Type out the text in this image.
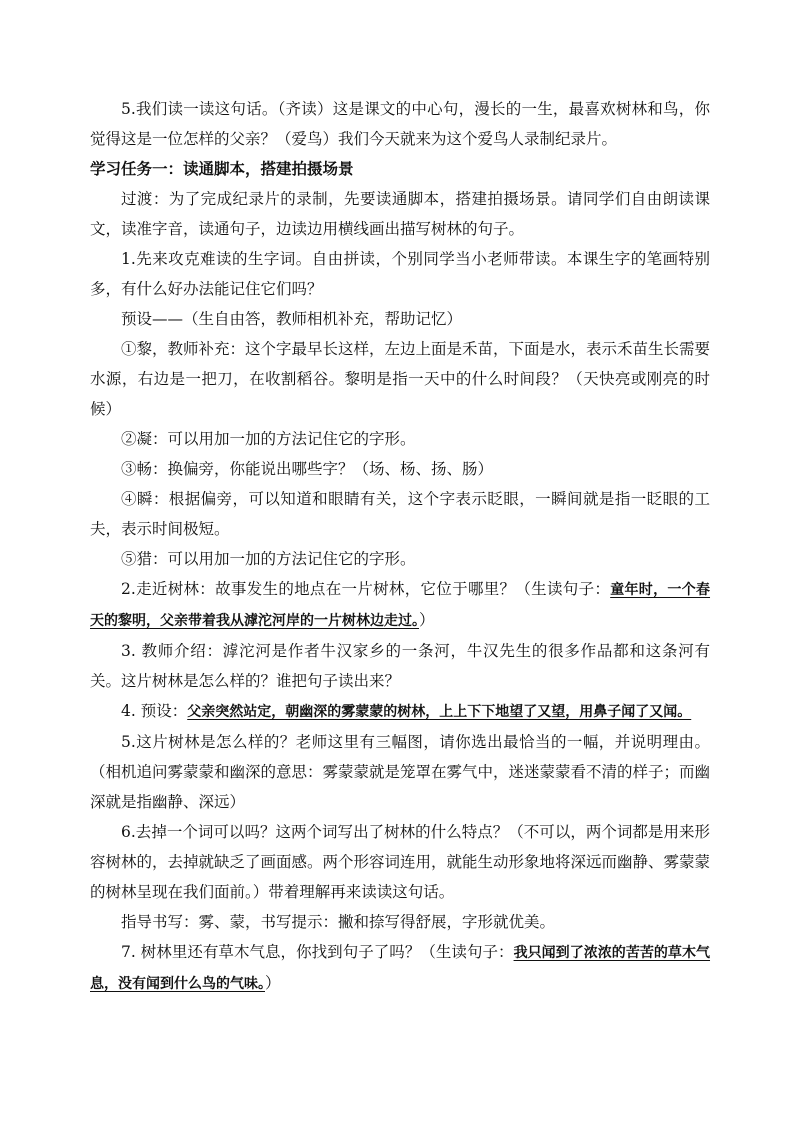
5.我们读一读这句话。（齐读）这是课文的中心句，漫长的一生，最喜欢树林和鸟，你觉得这是一位怎样的父亲？（爱鸟）我们今天就来为这个爱鸟人录制纪录片。

学习任务一：读通脚本，搭建拍摄场景

过渡：为了完成纪录片的录制，先要读通脚本，搭建拍摄场景。请同学们自由朗读课文，读准字音，读通句子，边读边用横线画出描写树林的句子。

1.先来攻克难读的生字词。自由拼读，个别同学当小老师带读。本课生字的笔画特别多，有什么好办法能记住它们吗？

预设——（生自由答，教师相机补充，帮助记忆）

①黎，教师补充：这个字最早长这样，左边上面是禾苗，下面是水，表示禾苗生长需要水源，右边是一把刀，在收割稻谷。黎明是指一天中的什么时间段？（天快亮或刚亮的时候）

②凝：可以用加一加的方法记住它的字形。

③畅：换偏旁，你能说出哪些字？（场、杨、扬、肠）

④瞬：根据偏旁，可以知道和眼睛有关，这个字表示眨眼，一瞬间就是指一眨眼的工夫，表示时间极短。

⑤猎：可以用加一加的方法记住它的字形。

2.走近树林：故事发生的地点在一片树林，它位于哪里？（生读句子：童年时，一个春天的黎明，父亲带着我从滹沱河岸的一片树林边走过。）

3. 教师介绍：滹沱河是作者牛汉家乡的一条河，牛汉先生的很多作品都和这条河有关。这片树林是怎么样的？谁把句子读出来？

4. 预设：父亲突然站定，朝幽深的雾蒙蒙的树林，上上下下地望了又望，用鼻子闻了又闻。

5.这片树林是怎么样的？老师这里有三幅图，请你选出最恰当的一幅，并说明理由。（相机追问雾蒙蒙和幽深的意思：雾蒙蒙就是笼罩在雾气中，迷迷蒙蒙看不清的样子；而幽深就是指幽静、深远）

6.去掉一个词可以吗？这两个词写出了树林的什么特点？（不可以，两个词都是用来形容树林的，去掉就缺乏了画面感。两个形容词连用，就能生动形象地将深远而幽静、雾蒙蒙的树林呈现在我们面前。）带着理解再来读读这句话。

指导书写：雾、蒙，书写提示：撇和捺写得舒展，字形就优美。

7. 树林里还有草木气息，你找到句子了吗？（生读句子：我只闻到了浓浓的苦苦的草木气息，没有闻到什么鸟的气味。）
